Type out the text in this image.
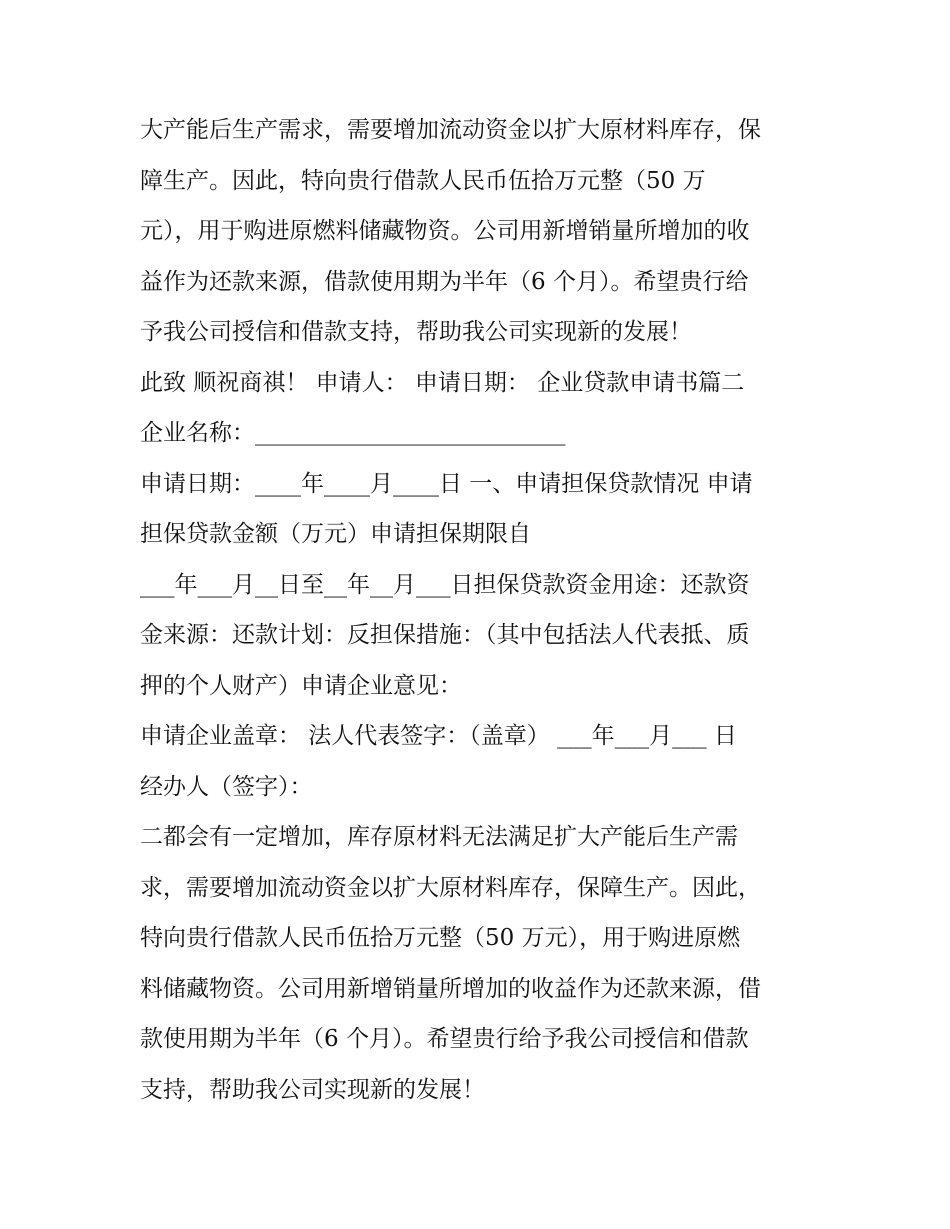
大产能后生产需求，需要增加流动资金以扩大原材料库存，保
障生产。因此，特向贵行借款人民币伍拾万元整（50 万
元），用于购进原燃料储藏物资。公司用新增销量所增加的收
益作为还款来源，借款使用期为半年（6 个月）。希望贵行给
予我公司授信和借款支持，帮助我公司实现新的发展！
此致 顺祝商祺！ 申请人： 申请日期： 企业贷款申请书篇二
企业名称：___________________________
申请日期：____年____月____日 一、申请担保贷款情况 申请
担保贷款金额（万元）申请担保期限自
___年___月__日至__年__月___日担保贷款资金用途：还款资
金来源：还款计划：反担保措施：（其中包括法人代表抵、质
押的个人财产）申请企业意见：
申请企业盖章： 法人代表签字：（盖章） ___年___月___ 日
经办人（签字）：
二都会有一定增加，库存原材料无法满足扩大产能后生产需
求，需要增加流动资金以扩大原材料库存，保障生产。因此，
特向贵行借款人民币伍拾万元整（50 万元），用于购进原燃
料储藏物资。公司用新增销量所增加的收益作为还款来源，借
款使用期为半年（6 个月）。希望贵行给予我公司授信和借款
支持，帮助我公司实现新的发展！
